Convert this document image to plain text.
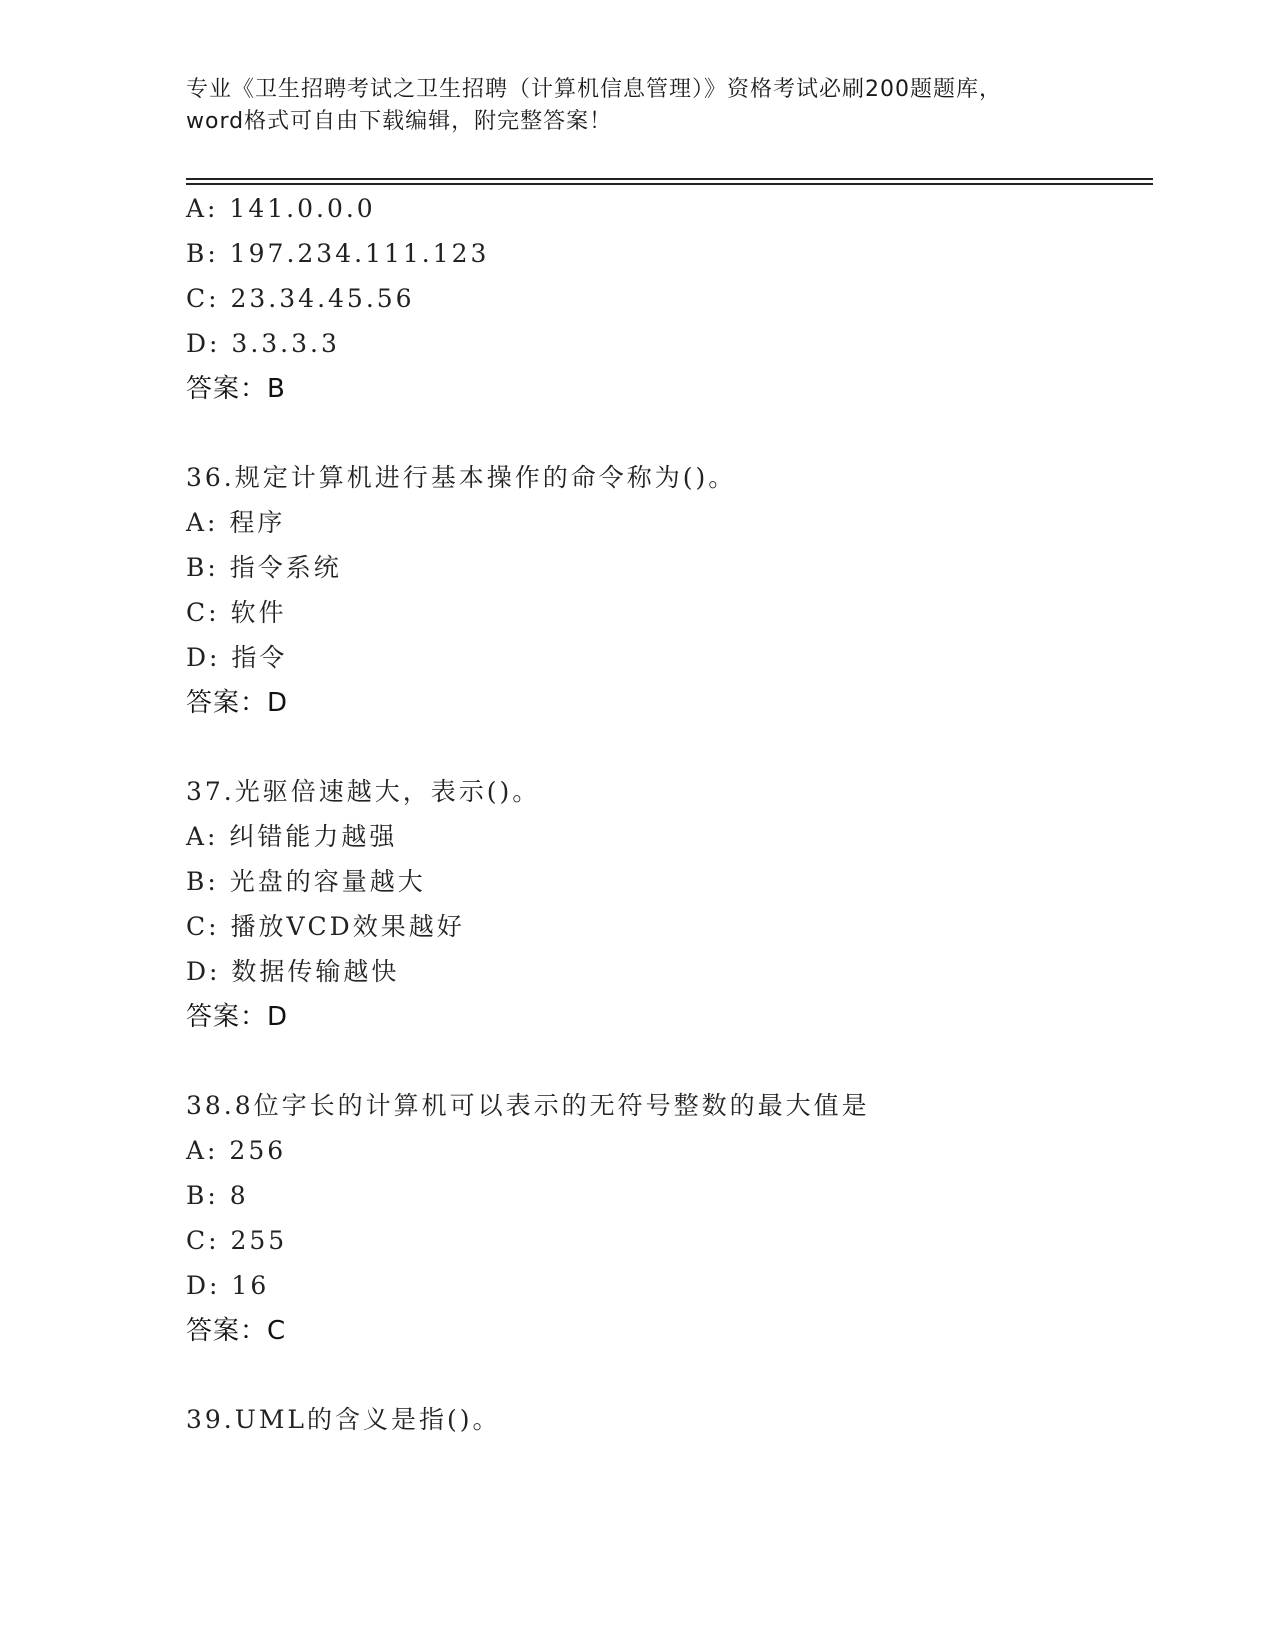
专业《卫生招聘考试之卫生招聘（计算机信息管理）》资格考试必刷200题题库，
word格式可自由下载编辑，附完整答案！
A: 141.0.0.0
B: 197.234.111.123
C: 23.34.45.56
D: 3.3.3.3
答案：B
36.规定计算机进行基本操作的命令称为()。
A: 程序
B: 指令系统
C: 软件
D: 指令
答案：D
37.光驱倍速越大，表示()。
A: 纠错能力越强
B: 光盘的容量越大
C: 播放VCD效果越好
D: 数据传输越快
答案：D
38.8位字长的计算机可以表示的无符号整数的最大值是
A: 256
B: 8
C: 255
D: 16
答案：C
39.UML的含义是指()。
